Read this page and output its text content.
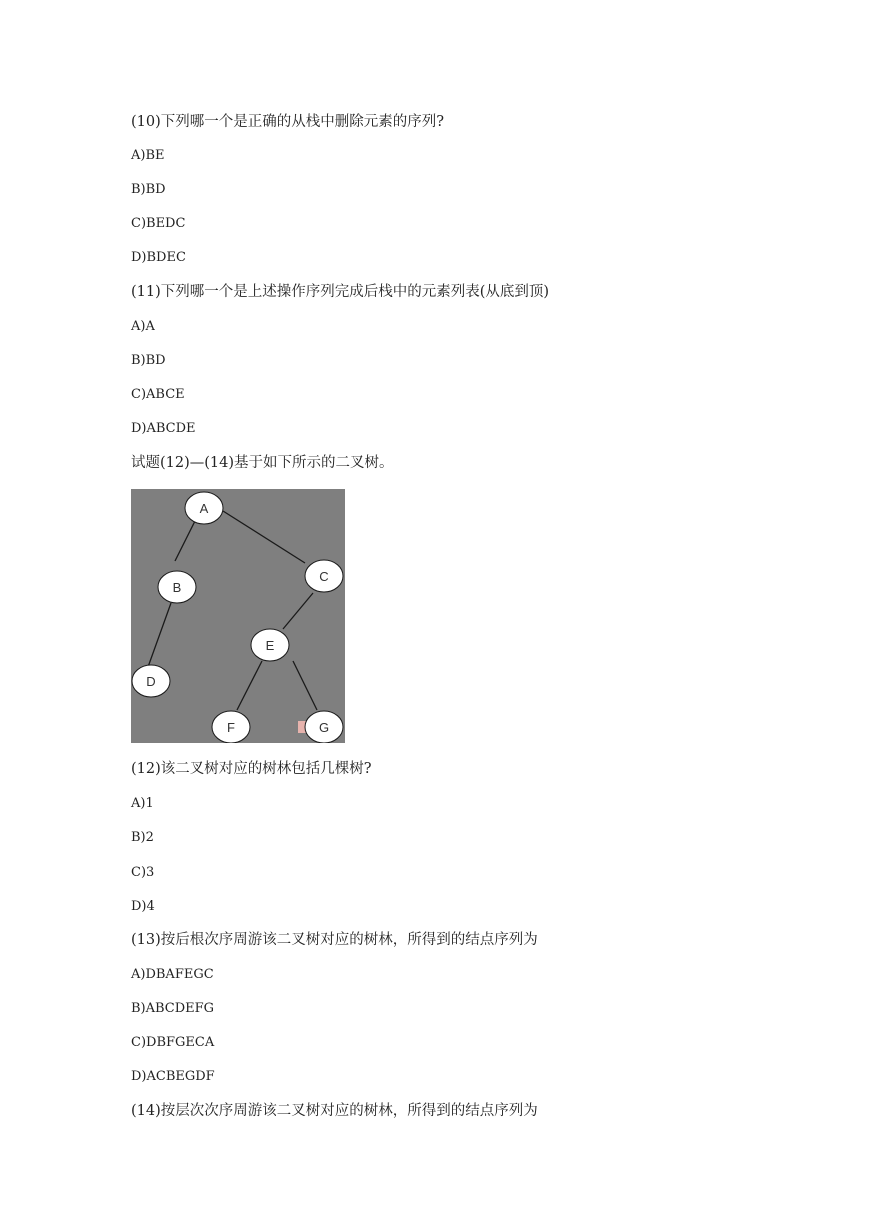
(10)下列哪一个是正确的从栈中删除元素的序列?
A)BE
B)BD
C)BEDC
D)BDEC
(11)下列哪一个是上述操作序列完成后栈中的元素列表(从底到顶)
A)A
B)BD
C)ABCE
D)ABCDE
试题(12)—(14)基于如下所示的二叉树。
A
B
C
D
E
F	G
(12)该二叉树对应的树林包括几棵树?
A)1
B)2
C)3
D)4
(13)按后根次序周游该二叉树对应的树林，所得到的结点序列为
A)DBAFEGC
B)ABCDEFG
C)DBFGECA
D)ACBEGDF
(14)按层次次序周游该二叉树对应的树林，所得到的结点序列为
